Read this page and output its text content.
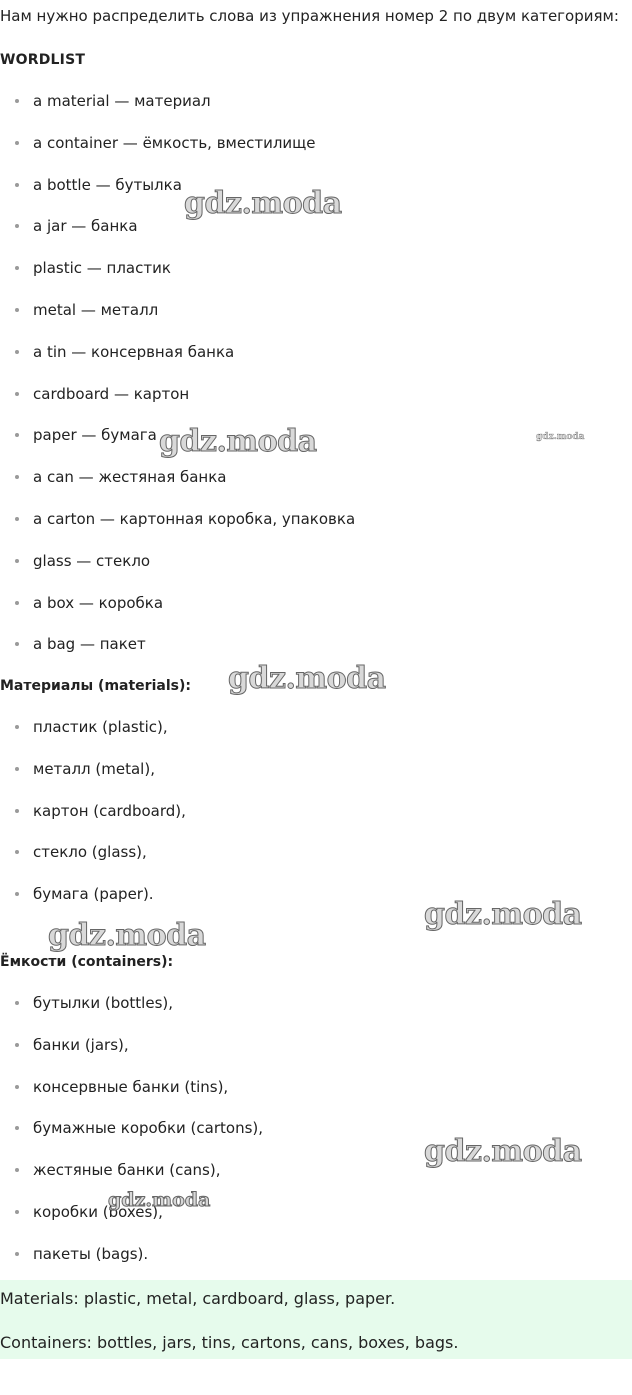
Нам нужно распределить слова из упражнения номер 2 по двум категориям:
WORDLIST
a material — материал
a container — ёмкость, вместилище
a bottle — бутылка
a jar — банка
plastic — пластик
metal — металл
a tin — консервная банка
cardboard — картон
paper — бумага
a can — жестяная банка
a carton — картонная коробка, упаковка
glass — стекло
a box — коробка
a bag — пакет
Материалы (materials):
пластик (plastic),
металл (metal),
картон (cardboard),
стекло (glass),
бумага (paper).
Ёмкости (containers):
бутылки (bottles),
банки (jars),
консервные банки (tins),
бумажные коробки (cartons),
жестяные банки (cans),
коробки (boxes),
пакеты (bags).
Materials: plastic, metal, cardboard, glass, paper.
Containers: bottles, jars, tins, cartons, cans, boxes, bags.
gdz.moda
gdz.moda	gdz.moda
gdz.moda
gdz.moda
gdz.moda
gdz.moda
gdz.moda
